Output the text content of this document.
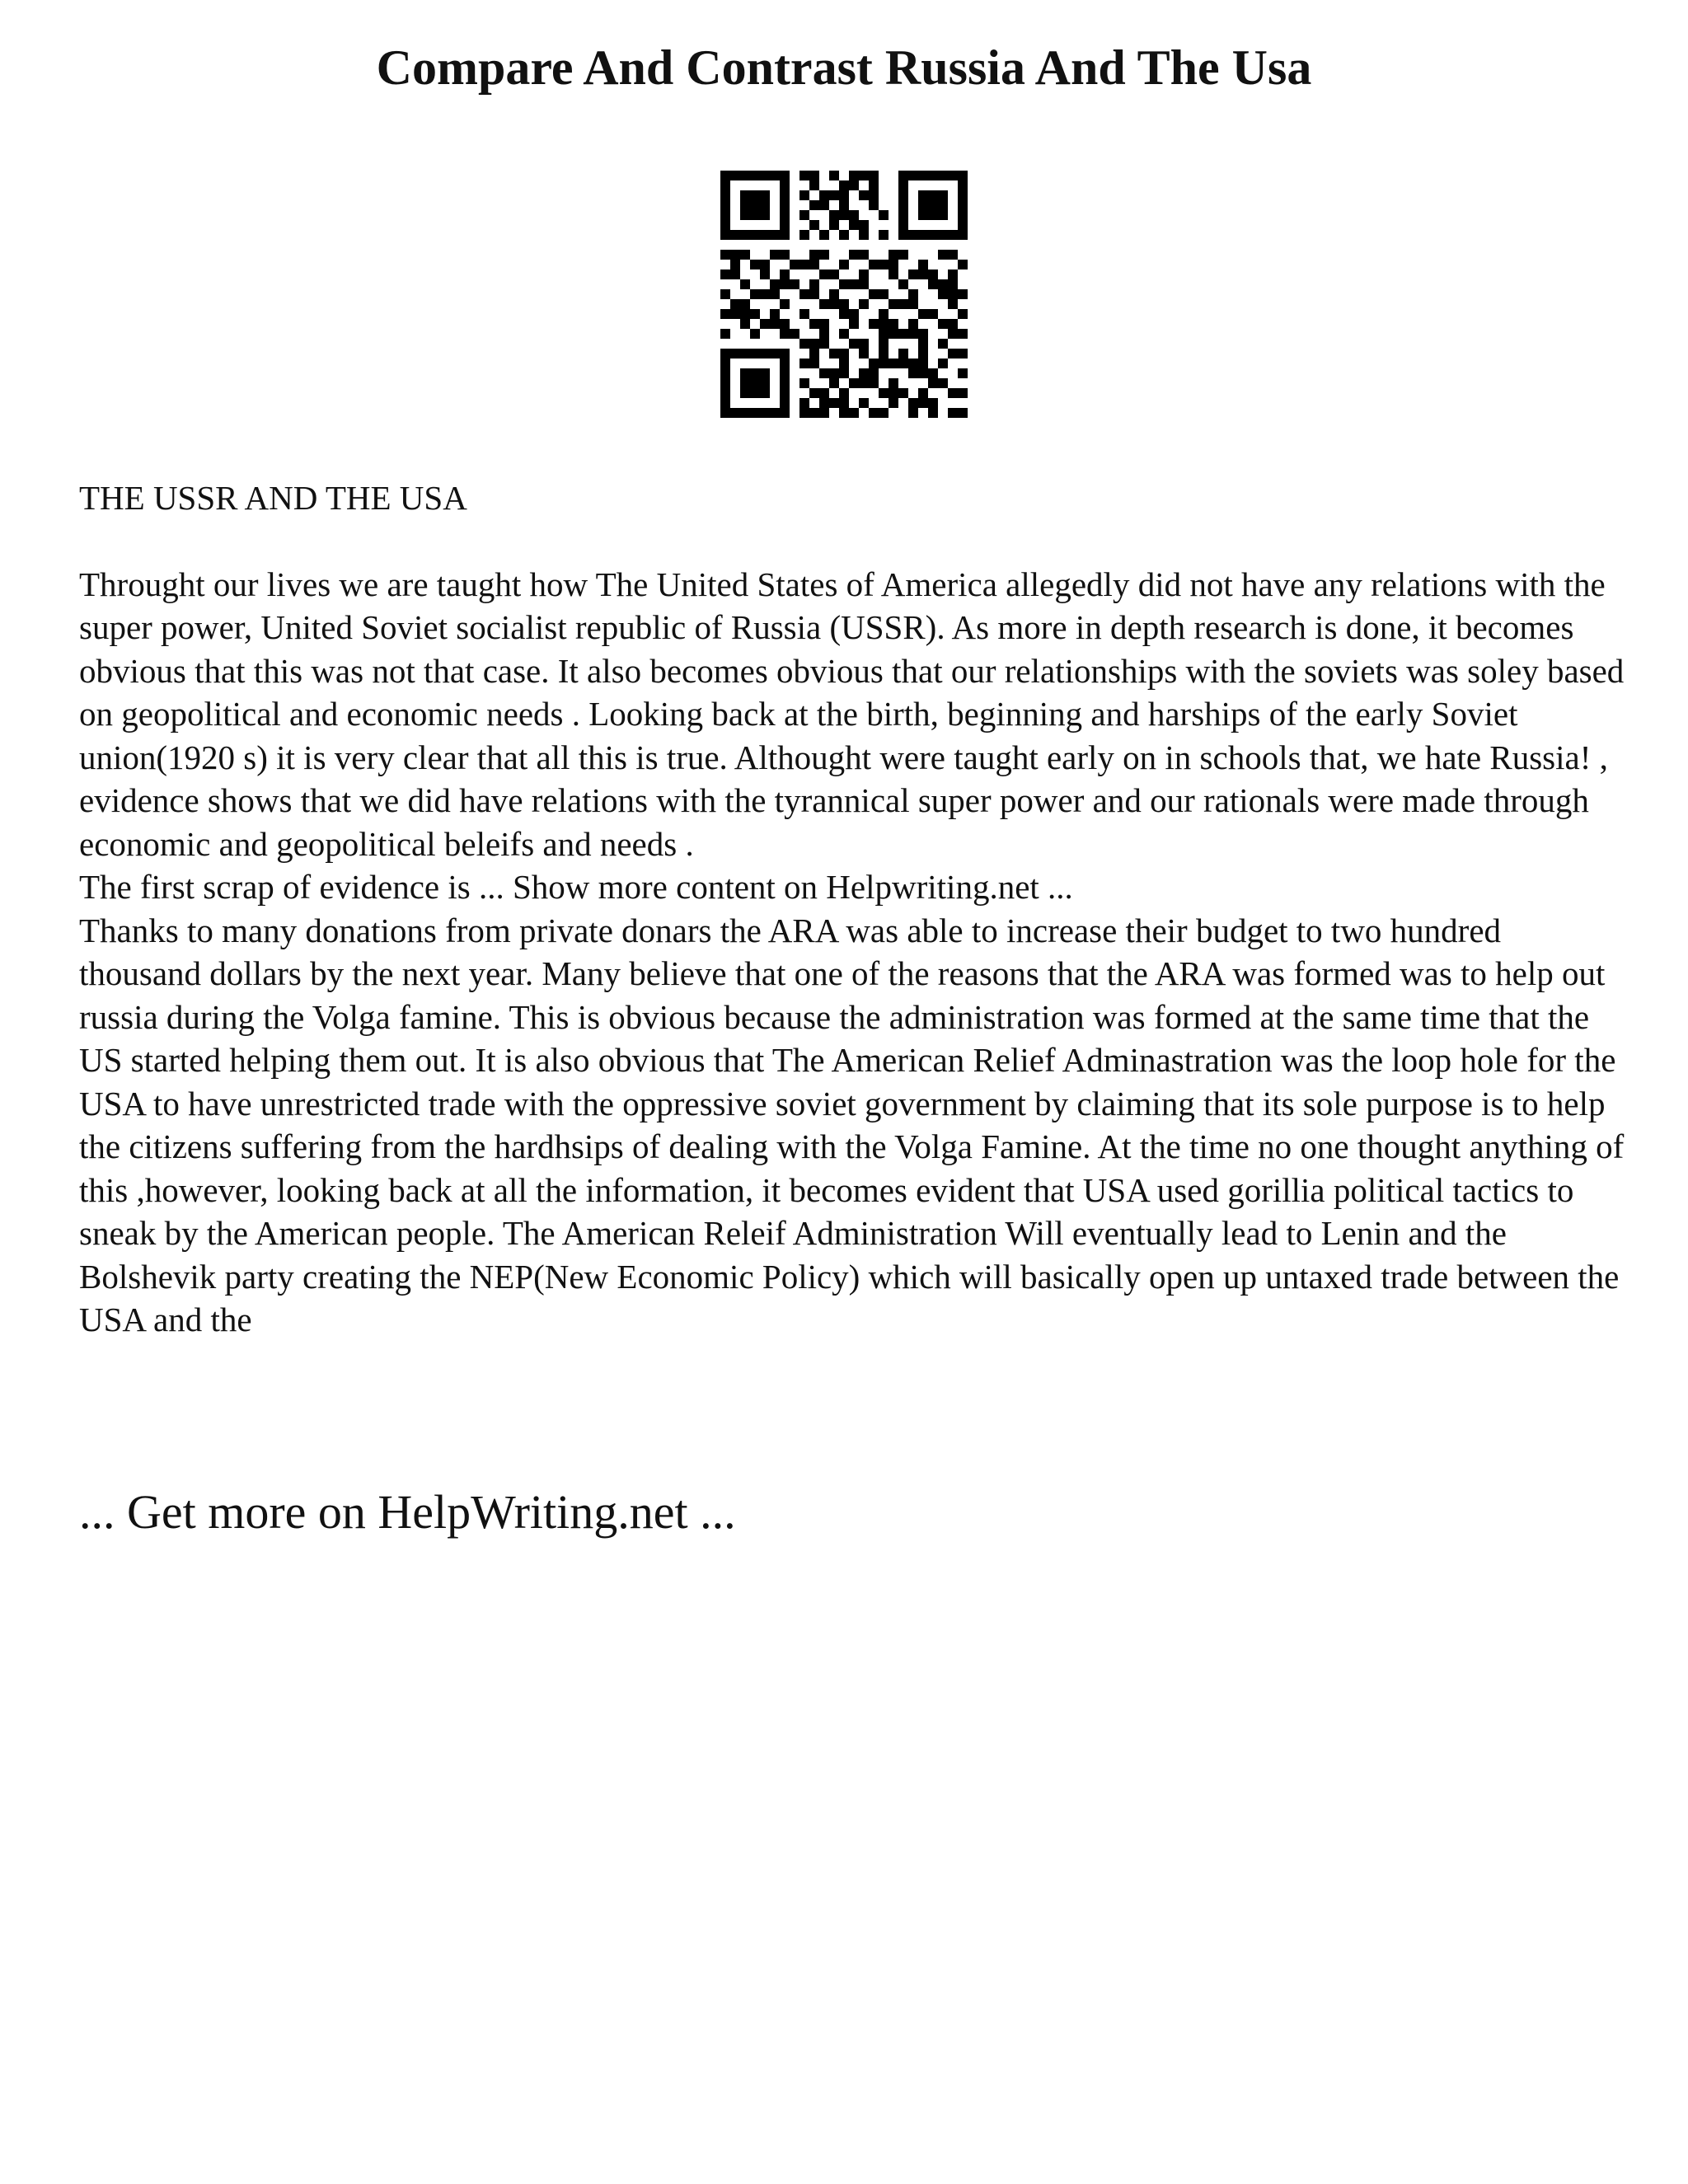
Compare And Contrast Russia And The Usa

THE USSR AND THE USA

Throught our lives we are taught how The United States of America allegedly did not have any relations with the super power, United Soviet socialist republic of Russia (USSR). As more in depth research is done, it becomes obvious that this was not that case. It also becomes obvious that our relationships with the soviets was soley based on geopolitical and economic needs . Looking back at the birth, beginning and harships of the early Soviet union(1920 s) it is very clear that all this is true. Althought were taught early on in schools that, we hate Russia! , evidence shows that we did have relations with the tyrannical super power and our rationals were made through economic and geopolitical beleifs and needs .

The first scrap of evidence is ... Show more content on Helpwriting.net ...

Thanks to many donations from private donars the ARA was able to increase their budget to two hundred thousand dollars by the next year. Many believe that one of the reasons that the ARA was formed was to help out russia during the Volga famine. This is obvious because the administration was formed at the same time that the US started helping them out. It is also obvious that The American Relief Adminastration was the loop hole for the USA to have unrestricted trade with the oppressive soviet government by claiming that its sole purpose is to help the citizens suffering from the hardhsips of dealing with the Volga Famine. At the time no one thought anything of this ,however, looking back at all the information, it becomes evident that USA used gorillia political tactics to sneak by the American people. The American Releif Administration Will eventually lead to Lenin and the Bolshevik party creating the NEP(New Economic Policy) which will basically open up untaxed trade between the USA and the

... Get more on HelpWriting.net ...
